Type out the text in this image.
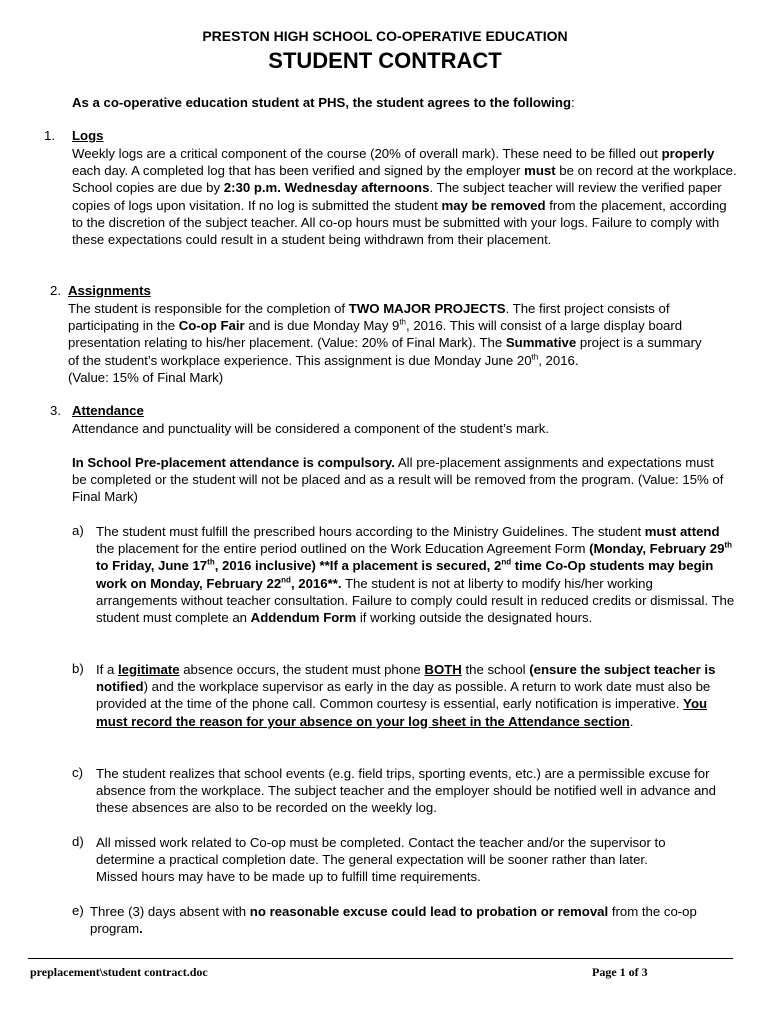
PRESTON HIGH SCHOOL CO-OPERATIVE EDUCATION
STUDENT CONTRACT
As a co-operative education student at PHS, the student agrees to the following:
1. Logs
Weekly logs are a critical component of the course (20% of overall mark). These need to be filled out properly each day. A completed log that has been verified and signed by the employer must be on record at the workplace. School copies are due by 2:30 p.m. Wednesday afternoons. The subject teacher will review the verified paper copies of logs upon visitation. If no log is submitted the student may be removed from the placement, according to the discretion of the subject teacher. All co-op hours must be submitted with your logs. Failure to comply with these expectations could result in a student being withdrawn from their placement.
2. Assignments
The student is responsible for the completion of TWO MAJOR PROJECTS. The first project consists of participating in the Co-op Fair and is due Monday May 9th, 2016. This will consist of a large display board presentation relating to his/her placement. (Value: 20% of Final Mark). The Summative project is a summary of the student’s workplace experience. This assignment is due Monday June 20th, 2016.
(Value: 15% of Final Mark)
3. Attendance
Attendance and punctuality will be considered a component of the student’s mark.
In School Pre-placement attendance is compulsory. All pre-placement assignments and expectations must be completed or the student will not be placed and as a result will be removed from the program. (Value: 15% of Final Mark)
a) The student must fulfill the prescribed hours according to the Ministry Guidelines. The student must attend the placement for the entire period outlined on the Work Education Agreement Form (Monday, February 29th to Friday, June 17th, 2016 inclusive) **If a placement is secured, 2nd time Co-Op students may begin work on Monday, February 22nd, 2016**. The student is not at liberty to modify his/her working arrangements without teacher consultation. Failure to comply could result in reduced credits or dismissal. The student must complete an Addendum Form if working outside the designated hours.
b) If a legitimate absence occurs, the student must phone BOTH the school (ensure the subject teacher is notified) and the workplace supervisor as early in the day as possible. A return to work date must also be provided at the time of the phone call. Common courtesy is essential, early notification is imperative. You must record the reason for your absence on your log sheet in the Attendance section.
c) The student realizes that school events (e.g. field trips, sporting events, etc.) are a permissible excuse for absence from the workplace. The subject teacher and the employer should be notified well in advance and these absences are also to be recorded on the weekly log.
d) All missed work related to Co-op must be completed. Contact the teacher and/or the supervisor to determine a practical completion date. The general expectation will be sooner rather than later. Missed hours may have to be made up to fulfill time requirements.
e) Three (3) days absent with no reasonable excuse could lead to probation or removal from the co-op program.
preplacement\student contract.doc	Page 1 of 3
